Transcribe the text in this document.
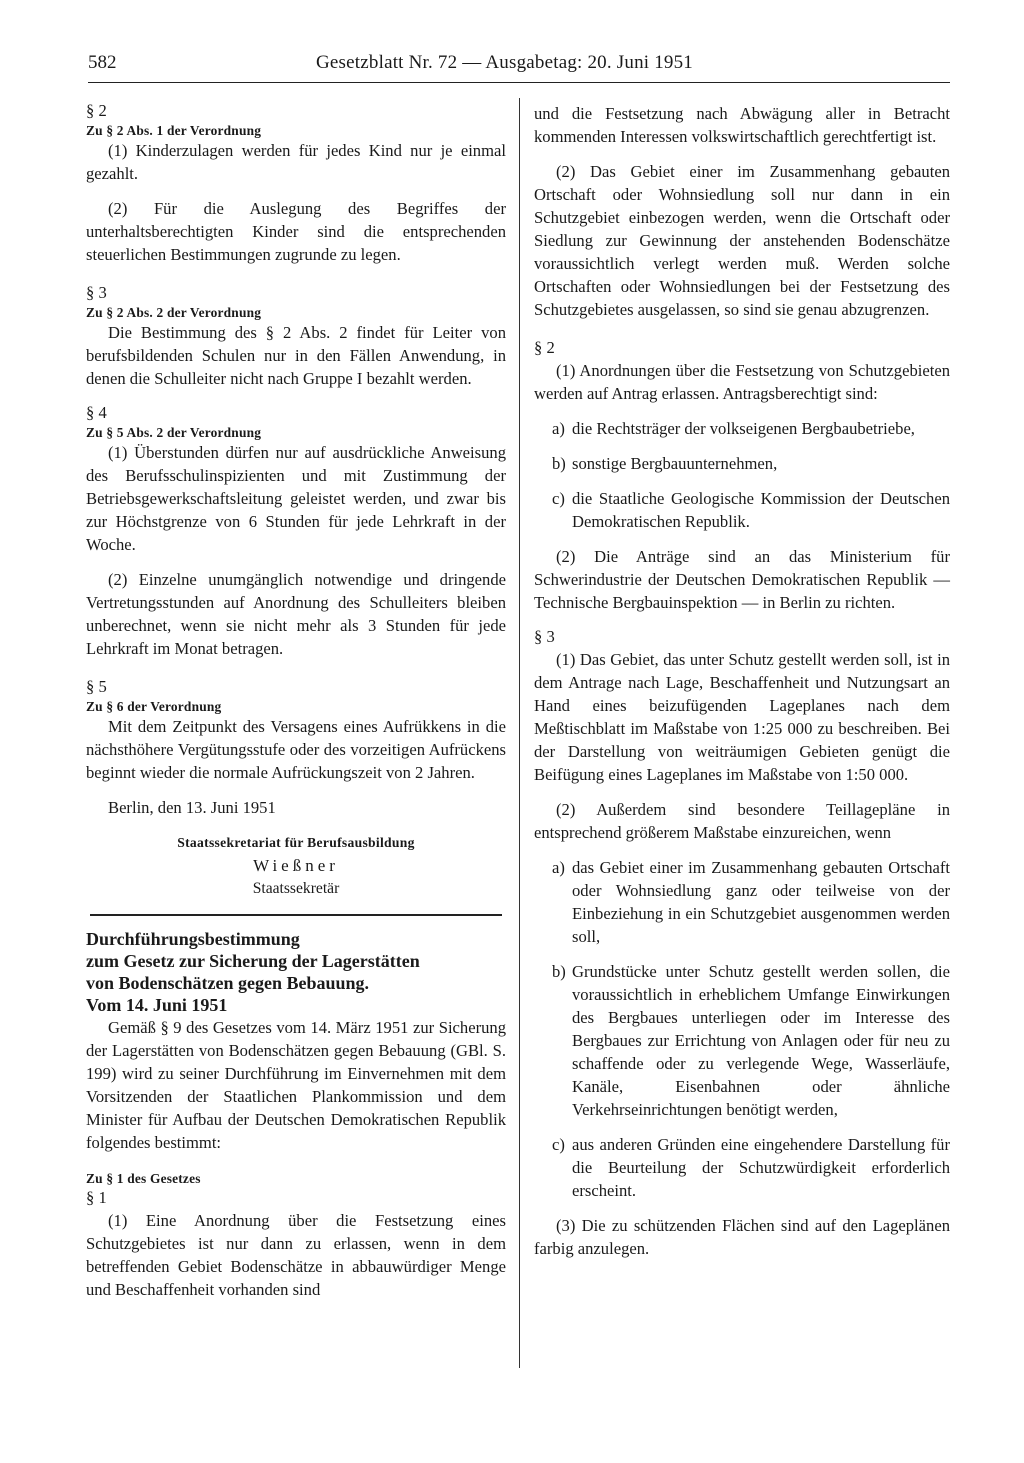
582	Gesetzblatt Nr. 72 — Ausgabetag: 20. Juni 1951

§ 2

Zu § 2 Abs. 1 der Verordnung

(1) Kinderzulagen werden für jedes Kind nur je einmal gezahlt.

(2) Für die Auslegung des Begriffes der unterhaltsberechtigten Kinder sind die entsprechenden steuerlichen Bestimmungen zugrunde zu legen.

§ 3

Zu § 2 Abs. 2 der Verordnung

Die Bestimmung des § 2 Abs. 2 findet für Leiter von berufsbildenden Schulen nur in den Fällen Anwendung, in denen die Schulleiter nicht nach Gruppe I bezahlt werden.

§ 4

Zu § 5 Abs. 2 der Verordnung

(1) Überstunden dürfen nur auf ausdrückliche Anweisung des Berufsschulinspizienten und mit Zustimmung der Betriebsgewerkschaftsleitung geleistet werden, und zwar bis zur Höchstgrenze von 6 Stunden für jede Lehrkraft in der Woche.

(2) Einzelne unumgänglich notwendige und dringende Vertretungsstunden auf Anordnung des Schulleiters bleiben unberechnet, wenn sie nicht mehr als 3 Stunden für jede Lehrkraft im Monat betragen.

§ 5

Zu § 6 der Verordnung

Mit dem Zeitpunkt des Versagens eines Aufrükkens in die nächsthöhere Vergütungsstufe oder des vorzeitigen Aufrückens beginnt wieder die normale Aufrückungszeit von 2 Jahren.

Berlin, den 13. Juni 1951

Staatssekretariat für Berufsausbildung
Wießner
Staatssekretär

Durchführungsbestimmung

zum Gesetz zur Sicherung der Lagerstätten

von Bodenschätzen gegen Bebauung.

Vom 14. Juni 1951

Gemäß § 9 des Gesetzes vom 14. März 1951 zur Sicherung der Lagerstätten von Bodenschätzen gegen Bebauung (GBl. S. 199) wird zu seiner Durchführung im Einvernehmen mit dem Vorsitzenden der Staatlichen Plankommission und dem Minister für Aufbau der Deutschen Demokratischen Republik folgendes bestimmt:

Zu § 1 des Gesetzes

§ 1

(1) Eine Anordnung über die Festsetzung eines Schutzgebietes ist nur dann zu erlassen, wenn in dem betreffenden Gebiet Bodenschätze in abbauwürdiger Menge und Beschaffenheit vorhanden sind

und die Festsetzung nach Abwägung aller in Betracht kommenden Interessen volkswirtschaftlich gerechtfertigt ist.

(2) Das Gebiet einer im Zusammenhang gebauten Ortschaft oder Wohnsiedlung soll nur dann in ein Schutzgebiet einbezogen werden, wenn die Ortschaft oder Siedlung zur Gewinnung der anstehenden Bodenschätze voraussichtlich verlegt werden muß. Werden solche Ortschaften oder Wohnsiedlungen bei der Festsetzung des Schutzgebietes ausgelassen, so sind sie genau abzugrenzen.

§ 2

(1) Anordnungen über die Festsetzung von Schutzgebieten werden auf Antrag erlassen. Antragsberechtigt sind:

a) die Rechtsträger der volkseigenen Bergbaubetriebe,
b) sonstige Bergbauunternehmen,
c) die Staatliche Geologische Kommission der Deutschen Demokratischen Republik.

(2) Die Anträge sind an das Ministerium für Schwerindustrie der Deutschen Demokratischen Republik — Technische Bergbauinspektion — in Berlin zu richten.

§ 3

(1) Das Gebiet, das unter Schutz gestellt werden soll, ist in dem Antrage nach Lage, Beschaffenheit und Nutzungsart an Hand eines beizufügenden Lageplanes nach dem Meßtischblatt im Maßstabe von 1:25 000 zu beschreiben. Bei der Darstellung von weiträumigen Gebieten genügt die Beifügung eines Lageplanes im Maßstabe von 1:50 000.

(2) Außerdem sind besondere Teillagepläne in entsprechend größerem Maßstabe einzureichen, wenn

a) das Gebiet einer im Zusammenhang gebauten Ortschaft oder Wohnsiedlung ganz oder teilweise von der Einbeziehung in ein Schutzgebiet ausgenommen werden soll,
b) Grundstücke unter Schutz gestellt werden sollen, die voraussichtlich in erheblichem Umfange Einwirkungen des Bergbaues unterliegen oder im Interesse des Bergbaues zur Errichtung von Anlagen oder für neu zu schaffende oder zu verlegende Wege, Wasserläufe, Kanäle, Eisenbahnen oder ähnliche Verkehrseinrichtungen benötigt werden,
c) aus anderen Gründen eine eingehendere Darstellung für die Beurteilung der Schutzwürdigkeit erforderlich erscheint.

(3) Die zu schützenden Flächen sind auf den Lageplänen farbig anzulegen.
